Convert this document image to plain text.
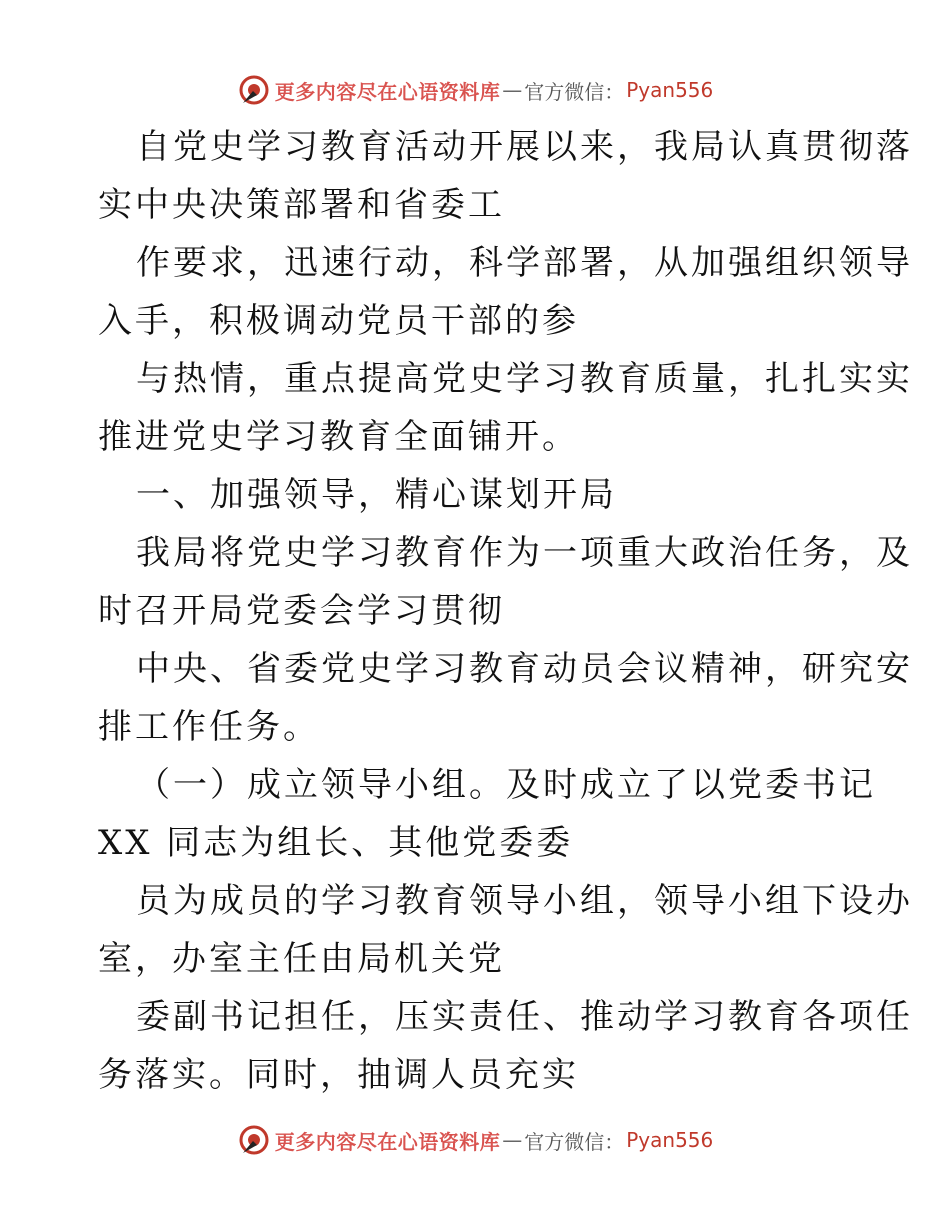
更多内容尽在心语资料库 — 官方微信： Pyan556
自党史学习教育活动开展以来，我局认真贯彻落
实中央决策部署和省委工
作要求，迅速行动，科学部署，从加强组织领导
入手，积极调动党员干部的参
与热情，重点提高党史学习教育质量，扎扎实实
推进党史学习教育全面铺开。
一、加强领导，精心谋划开局
我局将党史学习教育作为一项重大政治任务，及
时召开局党委会学习贯彻
中央、省委党史学习教育动员会议精神，研究安
排工作任务。
（一）成立领导小组。及时成立了以党委书记
XX 同志为组长、其他党委委
员为成员的学习教育领导小组，领导小组下设办
室，办室主任由局机关党
委副书记担任，压实责任、推动学习教育各项任
务落实。同时，抽调人员充实
更多内容尽在心语资料库 — 官方微信： Pyan556
